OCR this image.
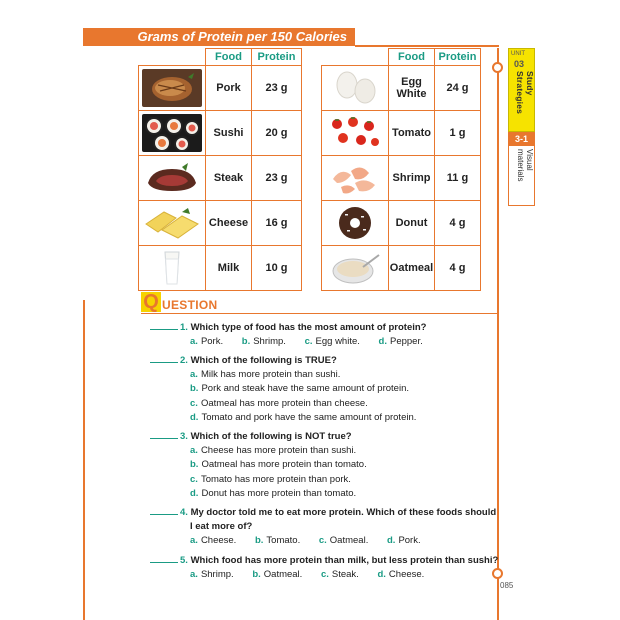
Grams of Protein per 150 Calories
	Food	Protein

	Pork	23 g

	Sushi	20 g

	Steak	23 g

	Cheese	16 g

	Milk	10 g
	Food	Protein

	Egg White	24 g

	Tomato	1 g

	Shrimp	11 g

	Donut	4 g

	Oatmeal	4 g
UNIT
03
Study Strategies
3-1
Visual materials
Q UESTION
1. Which type of food has the most amount of protein?
a. Pork. b. Shrimp. c. Egg white. d. Pepper.
2. Which of the following is TRUE?
a. Milk has more protein than sushi.
b. Pork and steak have the same amount of protein.
c. Oatmeal has more protein than cheese.
d. Tomato and pork have the same amount of protein.
3. Which of the following is NOT true?
a. Cheese has more protein than sushi.
b. Oatmeal has more protein than tomato.
c. Tomato has more protein than pork.
d. Donut has more protein than tomato.
4. My doctor told me to eat more protein. Which of these foods should
I eat more of?
a. Cheese. b. Tomato. c. Oatmeal. d. Pork.
5. Which food has more protein than milk, but less protein than sushi?
a. Shrimp. b. Oatmeal. c. Steak. d. Cheese.
085
